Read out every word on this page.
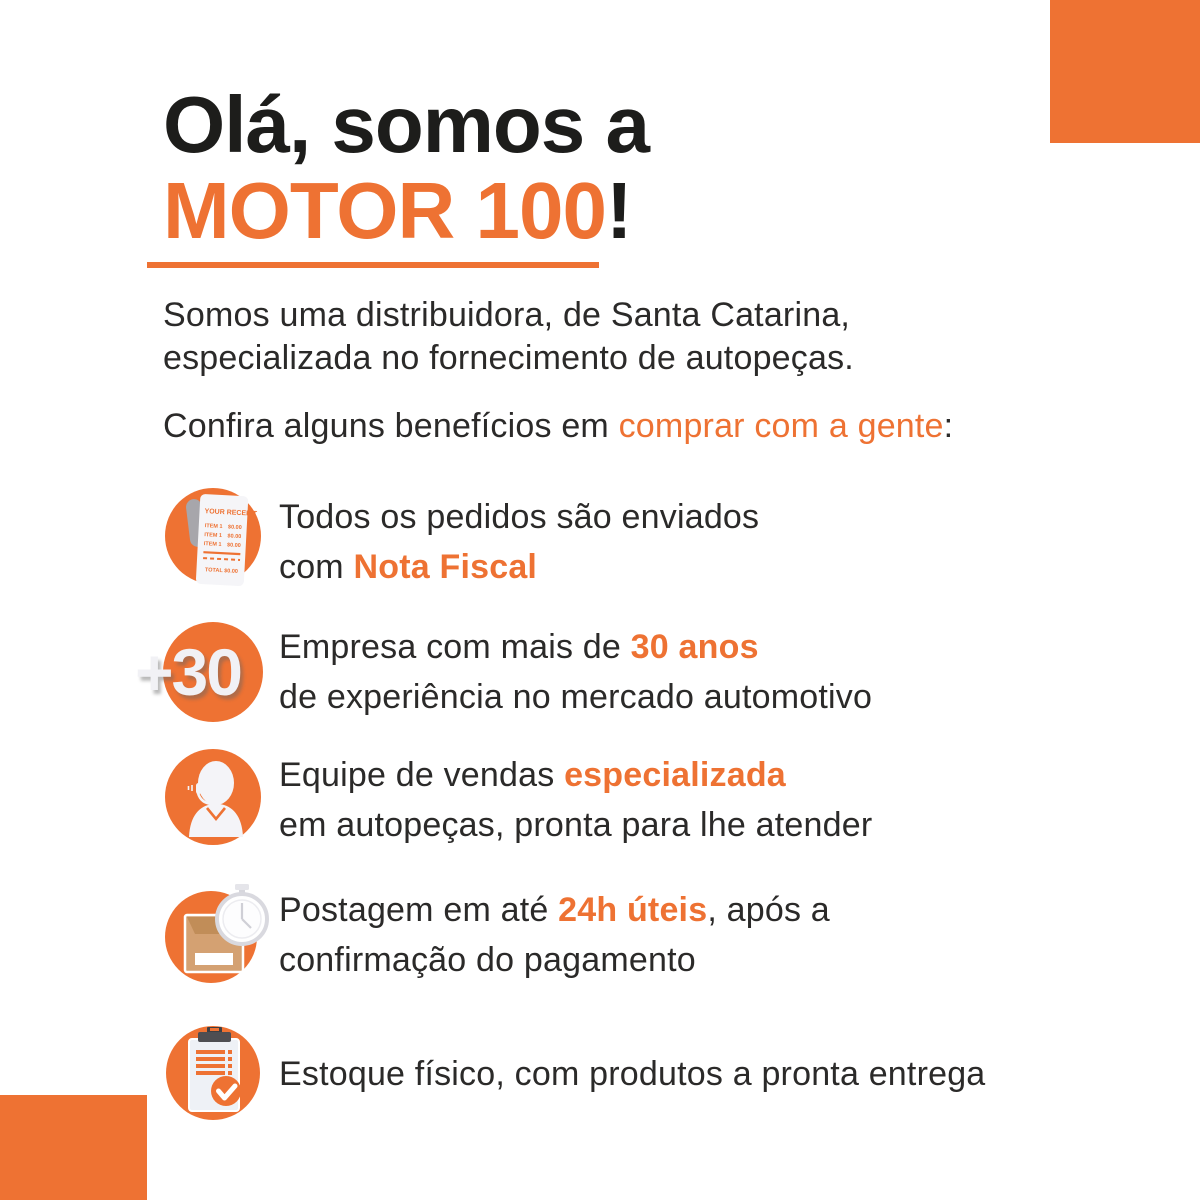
Olá, somos a
MOTOR 100!

Somos uma distribuidora, de Santa Catarina,
especializada no fornecimento de autopeças.

Confira alguns benefícios em comprar com a gente:

YOUR RECEIPT
ITEM 1 $0.00
ITEM 1 $0.00
ITEM 1 $0.00
TOTAL $0.00

Todos os pedidos são enviados
com Nota Fiscal

+30 Empresa com mais de 30 anos
de experiência no mercado automotivo

Equipe de vendas especializada
em autopeças, pronta para lhe atender

Postagem em até 24h úteis, após a
confirmação do pagamento

Estoque físico, com produtos a pronta entrega
